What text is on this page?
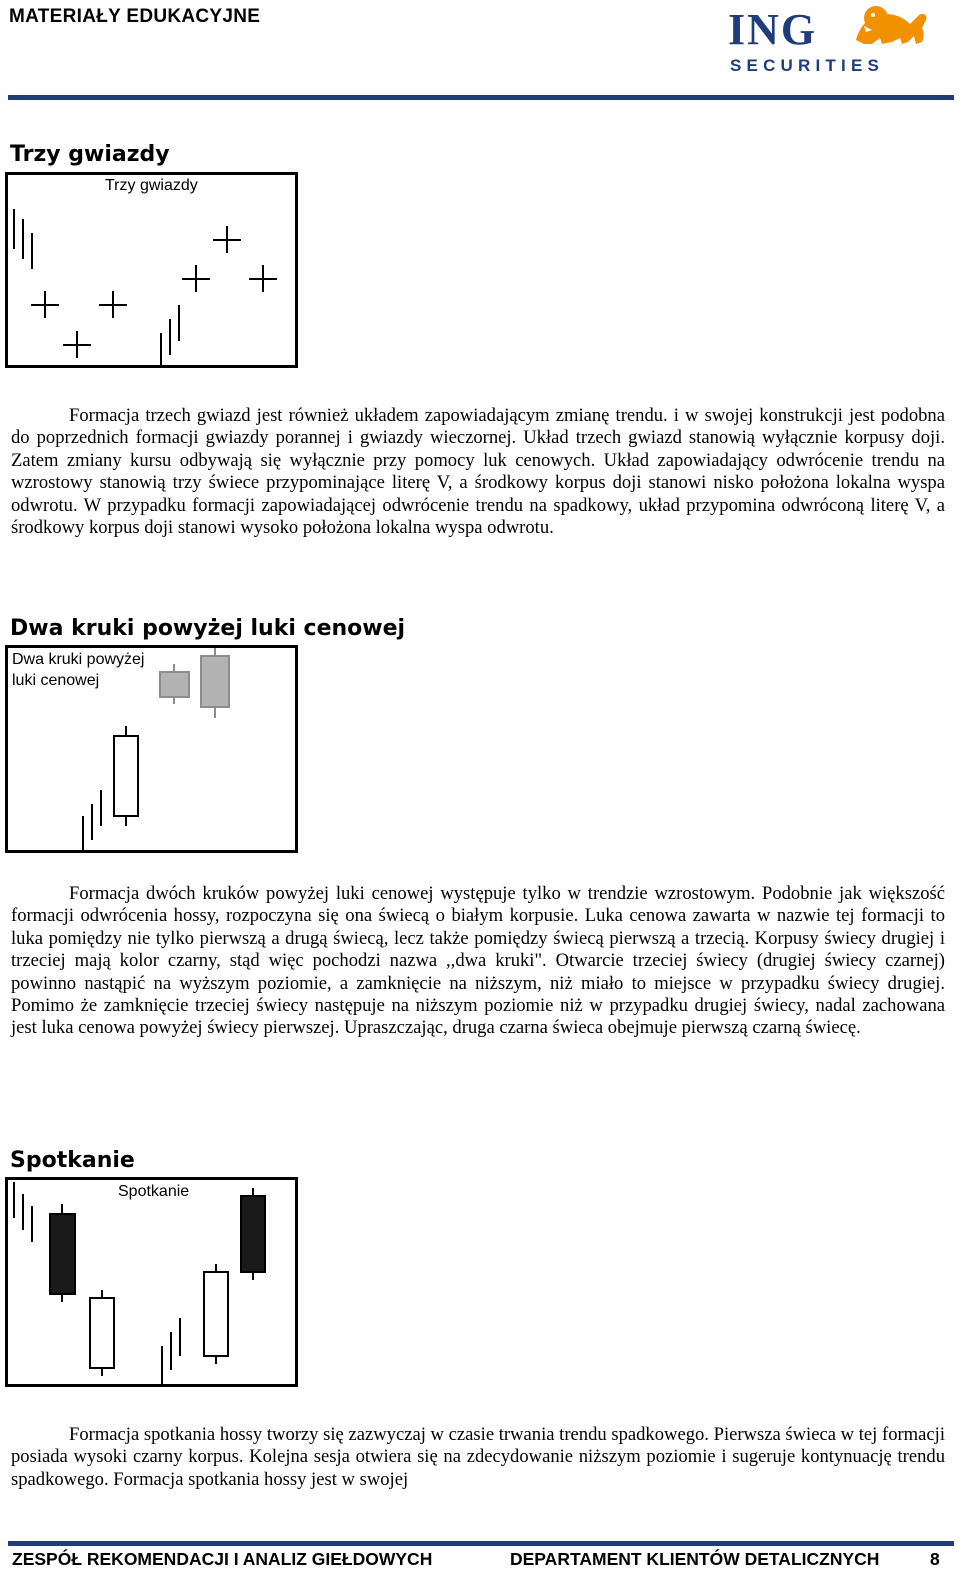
MATERIAŁY EDUKACYJNE	ING
SECURITIES
Trzy gwiazdy
Trzy gwiazdy

Formacja trzech gwiazd jest również układem zapowiadającym zmianę trendu. i w swojej konstrukcji jest podobna do poprzednich formacji gwiazdy porannej i gwiazdy wieczornej. Układ trzech gwiazd stanowią wyłącznie korpusy doji. Zatem zmiany kursu odbywają się wyłącznie przy pomocy luk cenowych. Układ zapowiadający odwrócenie trendu na wzrostowy stanowią trzy świece przypominające literę V, a środkowy korpus doji stanowi nisko położona lokalna wyspa odwrotu. W przypadku formacji zapowiadającej odwrócenie trendu na spadkowy, układ przypomina odwróconą literę V, a środkowy korpus doji stanowi wysoko położona lokalna wyspa odwrotu.

Dwa kruki powyżej luki cenowej
Dwa kruki powyżej
luki cenowej

Formacja dwóch kruków powyżej luki cenowej występuje tylko w trendzie wzrostowym. Podobnie jak większość formacji odwrócenia hossy, rozpoczyna się ona świecą o białym korpusie. Luka cenowa zawarta w nazwie tej formacji to luka pomiędzy nie tylko pierwszą a drugą świecą, lecz także pomiędzy świecą pierwszą a trzecią. Korpusy świecy drugiej i trzeciej mają kolor czarny, stąd więc pochodzi nazwa ,,dwa kruki". Otwarcie trzeciej świecy (drugiej świecy czarnej) powinno nastąpić na wyższym poziomie, a zamknięcie na niższym, niż miało to miejsce w przypadku świecy drugiej. Pomimo że zamknięcie trzeciej świecy następuje na niższym poziomie niż w przypadku drugiej świecy, nadal zachowana jest luka cenowa powyżej świecy pierwszej. Upraszczając, druga czarna świeca obejmuje pierwszą czarną świecę.

Spotkanie
Spotkanie

Formacja spotkania hossy tworzy się zazwyczaj w czasie trwania trendu spadkowego. Pierwsza świeca w tej formacji posiada wysoki czarny korpus. Kolejna sesja otwiera się na zdecydowanie niższym poziomie i sugeruje kontynuację trendu spadkowego. Formacja spotkania hossy jest w swojej

ZESPÓŁ REKOMENDACJI I ANALIZ GIEŁDOWYCH	DEPARTAMENT KLIENTÓW DETALICZNYCH	8
